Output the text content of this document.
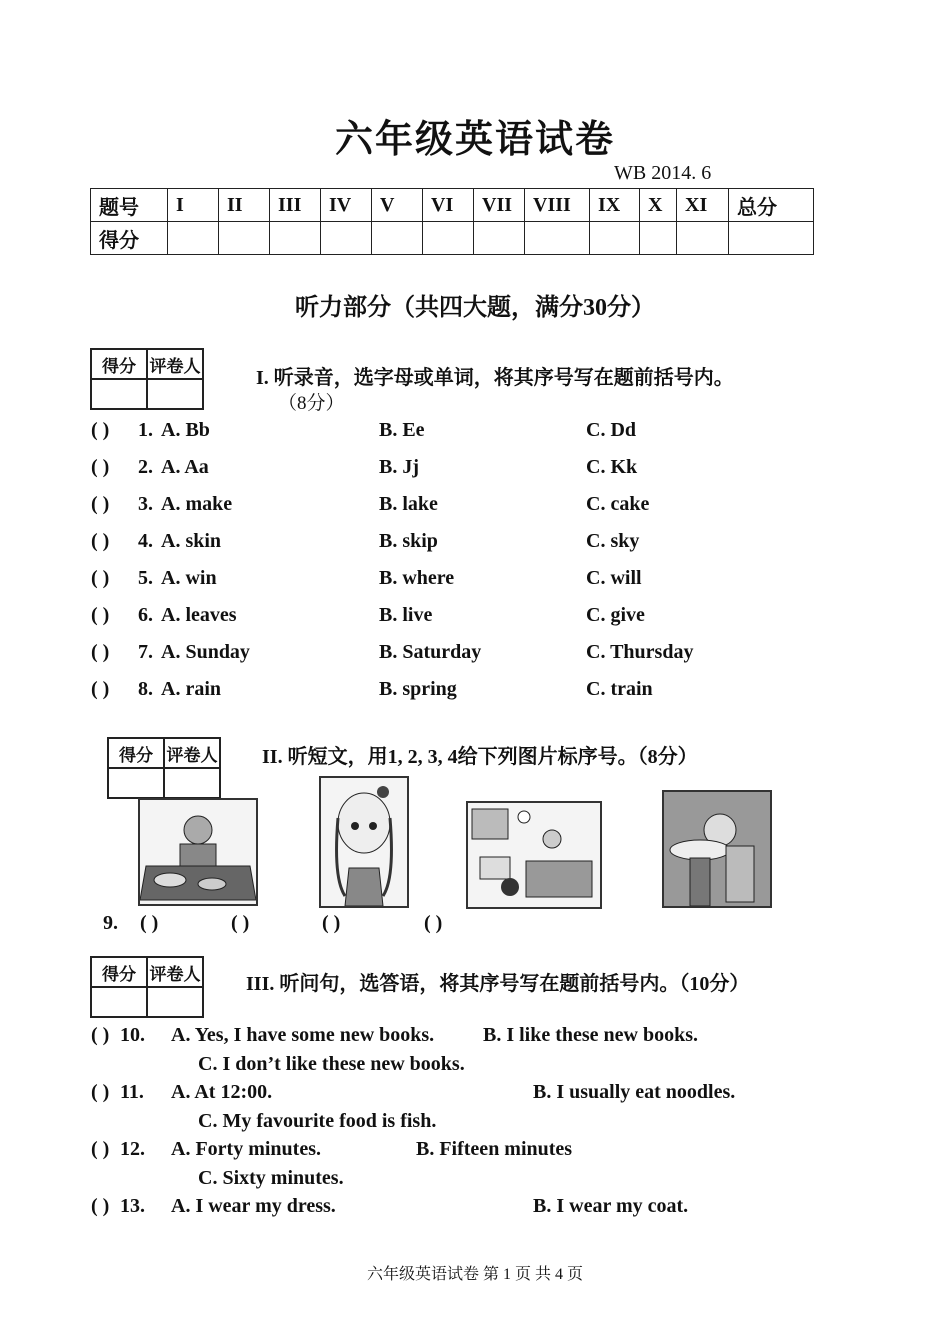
六年级英语试卷
WB 2014. 6
题号	I	II	III	IV	V	VI	VII	VIII	IX	X	XI	总分
得分												
听力部分（共四大题，满分30分）
得分	评卷人

I. 听录音，选字母或单词，将其序号写在题前括号内。
（8分）
( ) 1. A. Bb	B. Ee	C. Dd
( ) 2. A. Aa	B. Jj	C. Kk
( ) 3. A. make	B. lake	C. cake
( ) 4. A. skin	B. skip	C. sky
( ) 5. A. win	B. where	C. will
( ) 6. A. leaves	B. live	C. give
( ) 7. A. Sunday	B. Saturday	C. Thursday
( ) 8. A. rain	B. spring	C. train
得分	评卷人
	II. 听短文，用1, 2, 3, 4给下列图片标序号。（8分）
9. ( )	( )	( )	( )
得分	评卷人
	III. 听问句，选答语，将其序号写在题前括号内。（10分）
( ) 10. A. Yes, I have some new books. B. I like these new books.
C. I don’t like these new books.
( ) 11. A. At 12:00.	B. I usually eat noodles.
C. My favourite food is fish.
( ) 12. A. Forty minutes.	B. Fifteen minutes
C. Sixty minutes.
( ) 13. A. I wear my dress.	B. I wear my coat.
六年级英语试卷 第 1 页 共 4 页
